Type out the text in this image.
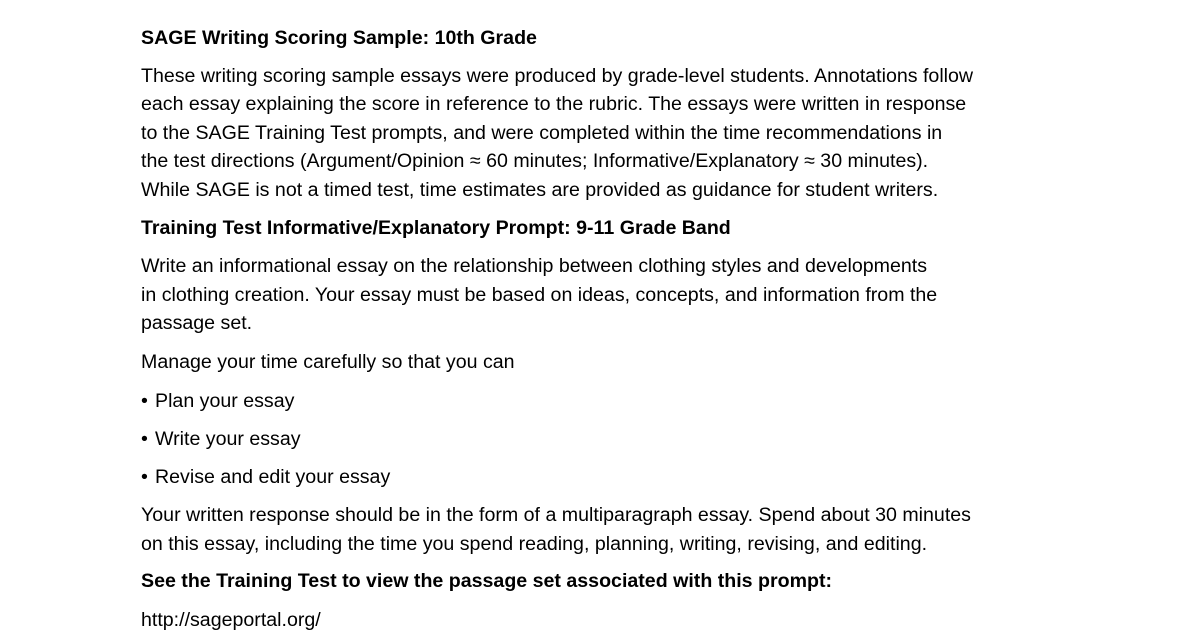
SAGE Writing Scoring Sample: 10th Grade

These writing scoring sample essays were produced by grade-level students. Annotations follow
each essay explaining the score in reference to the rubric. The essays were written in response
to the SAGE Training Test prompts, and were completed within the time recommendations in
the test directions (Argument/Opinion ≈ 60 minutes; Informative/Explanatory ≈ 30 minutes).
While SAGE is not a timed test, time estimates are provided as guidance for student writers.

Training Test Informative/Explanatory Prompt: 9-11 Grade Band

Write an informational essay on the relationship between clothing styles and developments
in clothing creation. Your essay must be based on ideas, concepts, and information from the
passage set.

Manage your time carefully so that you can

• Plan your essay
• Write your essay
• Revise and edit your essay

Your written response should be in the form of a multiparagraph essay. Spend about 30 minutes
on this essay, including the time you spend reading, planning, writing, revising, and editing.

See the Training Test to view the passage set associated with this prompt:

http://sageportal.org/
